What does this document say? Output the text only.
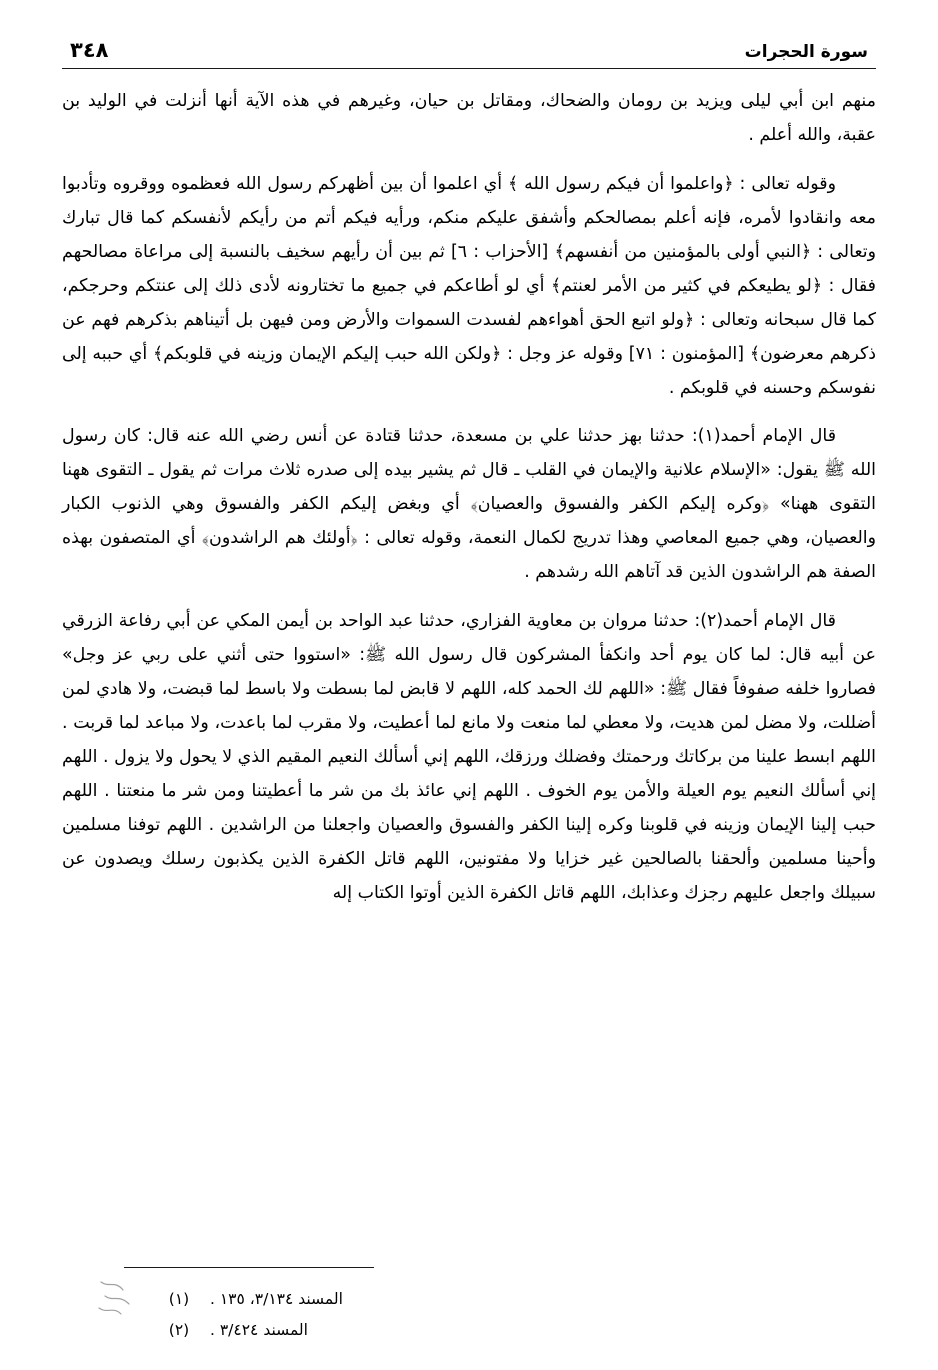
٣٤٨	سورة الحجرات

منهم ابن أبي ليلى ويزيد بن رومان والضحاك، ومقاتل بن حيان، وغيرهم في هذه الآية أنها أنزلت في الوليد بن عقبة، والله أعلم .

وقوله تعالى : ﴿واعلموا أن فيكم رسول الله ﴾ أي اعلموا أن بين أظهركم رسول الله فعظموه ووقروه وتأدبوا معه وانقادوا لأمره، فإنه أعلم بمصالحكم وأشفق عليكم منكم، ورأيه فيكم أتم من رأيكم لأنفسكم كما قال تبارك وتعالى : ﴿النبي أولى بالمؤمنين من أنفسهم﴾ [الأحزاب : ٦] ثم بين أن رأيهم سخيف بالنسبة إلى مراعاة مصالحهم فقال : ﴿لو يطيعكم في كثير من الأمر لعنتم﴾ أي لو أطاعكم في جميع ما تختارونه لأدى ذلك إلى عنتكم وحرجكم، كما قال سبحانه وتعالى : ﴿ولو اتبع الحق أهواءهم لفسدت السموات والأرض ومن فيهن بل أتيناهم بذكرهم فهم عن ذكرهم معرضون﴾ [المؤمنون : ٧١] وقوله عز وجل : ﴿ولكن الله حبب إليكم الإيمان وزينه في قلوبكم﴾ أي حببه إلى نفوسكم وحسنه في قلوبكم .

قال الإمام أحمد(١): حدثنا بهز حدثنا علي بن مسعدة، حدثنا قتادة عن أنس رضي الله عنه قال: كان رسول الله ﷺ يقول: «الإسلام علانية والإيمان في القلب ـ قال ثم يشير بيده إلى صدره ثلاث مرات ثم يقول ـ التقوى ههنا التقوى ههنا» ﴿وكره إليكم الكفر والفسوق والعصيان﴾ أي وبغض إليكم الكفر والفسوق وهي الذنوب الكبار والعصيان، وهي جميع المعاصي وهذا تدريج لكمال النعمة، وقوله تعالى : ﴿أولئك هم الراشدون﴾ أي المتصفون بهذه الصفة هم الراشدون الذين قد آتاهم الله رشدهم .

قال الإمام أحمد(٢): حدثنا مروان بن معاوية الفزاري، حدثنا عبد الواحد بن أيمن المكي عن أبي رفاعة الزرقي عن أبيه قال: لما كان يوم أحد وانكفأ المشركون قال رسول الله ﷺ: «استووا حتى أثني على ربي عز وجل» فصاروا خلفه صفوفاً فقال ﷺ: «اللهم لك الحمد كله، اللهم لا قابض لما بسطت ولا باسط لما قبضت، ولا هادي لمن أضللت، ولا مضل لمن هديت، ولا معطي لما منعت ولا مانع لما أعطيت، ولا مقرب لما باعدت، ولا مباعد لما قربت . اللهم ابسط علينا من بركاتك ورحمتك وفضلك ورزقك، اللهم إني أسألك النعيم المقيم الذي لا يحول ولا يزول . اللهم إني أسألك النعيم يوم العيلة والأمن يوم الخوف . اللهم إني عائذ بك من شر ما أعطيتنا ومن شر ما منعتنا . اللهم حبب إلينا الإيمان وزينه في قلوبنا وكره إلينا الكفر والفسوق والعصيان واجعلنا من الراشدين . اللهم توفنا مسلمين وأحينا مسلمين وألحقنا بالصالحين غير خزايا ولا مفتونين، اللهم قاتل الكفرة الذين يكذبون رسلك ويصدون عن سبيلك واجعل عليهم رجزك وعذابك، اللهم قاتل الكفرة الذين أوتوا الكتاب إله

المسند ٣/١٣٤، ١٣٥ .
(١)
المسند ٣/٤٢٤ .
(٢)
